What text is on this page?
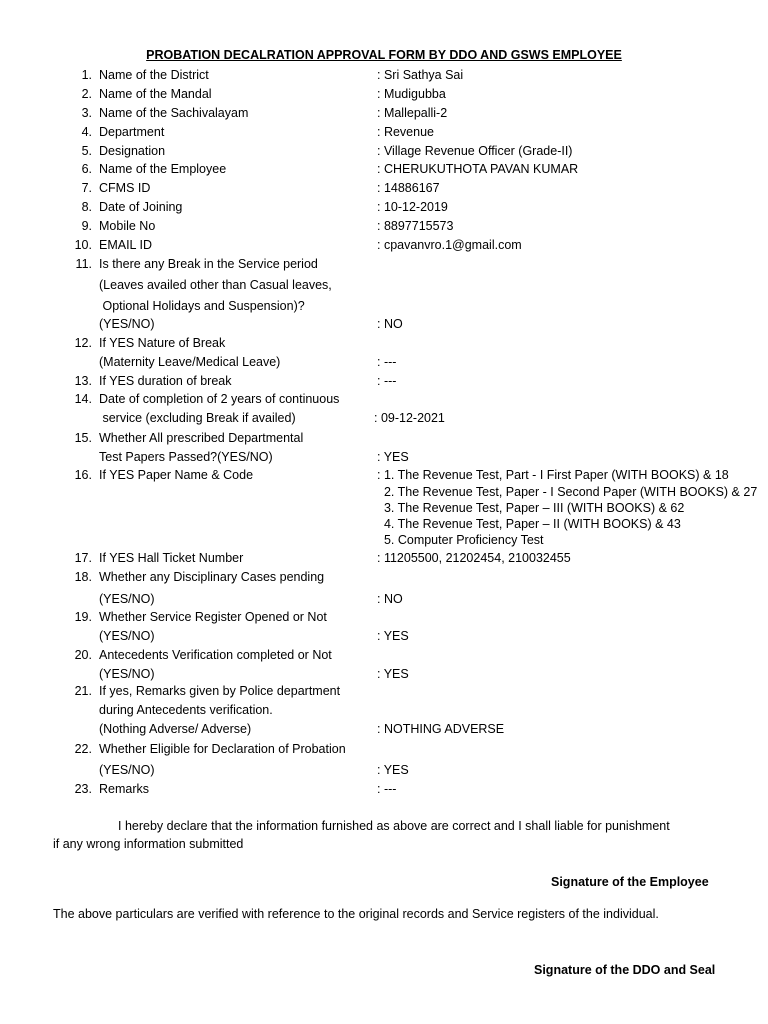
PROBATION DECALRATION APPROVAL FORM BY DDO AND GSWS EMPLOYEE
1. Name of the District	: Sri Sathya Sai
2. Name of the Mandal	: Mudigubba
3. Name of the Sachivalayam	: Mallepalli-2
4. Department	: Revenue
5. Designation	: Village Revenue Officer (Grade-II)
6. Name of the Employee	: CHERUKUTHOTA PAVAN KUMAR
7. CFMS ID	: 14886167
8. Date of Joining	: 10-12-2019
9. Mobile No	: 8897715573
10. EMAIL ID	: cpavanvro.1@gmail.com
11. Is there any Break in the Service period
(Leaves availed other than Casual leaves,
Optional Holidays and Suspension)?
(YES/NO)	: NO
12. If YES Nature of Break
(Maternity Leave/Medical Leave)	: ---
13. If YES duration of break	: ---
14. Date of completion of 2 years of continuous
service (excluding Break if availed)	: 09-12-2021
15. Whether All prescribed Departmental
Test Papers Passed?(YES/NO)	: YES
16. If YES Paper Name & Code	: 1. The Revenue Test, Part - I First Paper (WITH BOOKS) & 18
2. The Revenue Test, Paper - I Second Paper (WITH BOOKS) & 27
3. The Revenue Test, Paper – III (WITH BOOKS) & 62
4. The Revenue Test, Paper – II (WITH BOOKS) & 43
5. Computer Proficiency Test
17. If YES Hall Ticket Number	: 11205500, 21202454, 210032455
18. Whether any Disciplinary Cases pending
(YES/NO)	: NO
19. Whether Service Register Opened or Not
(YES/NO)	: YES
20. Antecedents Verification completed or Not
(YES/NO)	: YES
21. If yes, Remarks given by Police department
during Antecedents verification.
(Nothing Adverse/ Adverse)	: NOTHING ADVERSE
22. Whether Eligible for Declaration of Probation
(YES/NO)	: YES
23. Remarks	: ---
I hereby declare that the information furnished as above are correct and I shall liable for punishment
if any wrong information submitted
Signature of the Employee
The above particulars are verified with reference to the original records and Service registers of the individual.
Signature of the DDO and Seal
